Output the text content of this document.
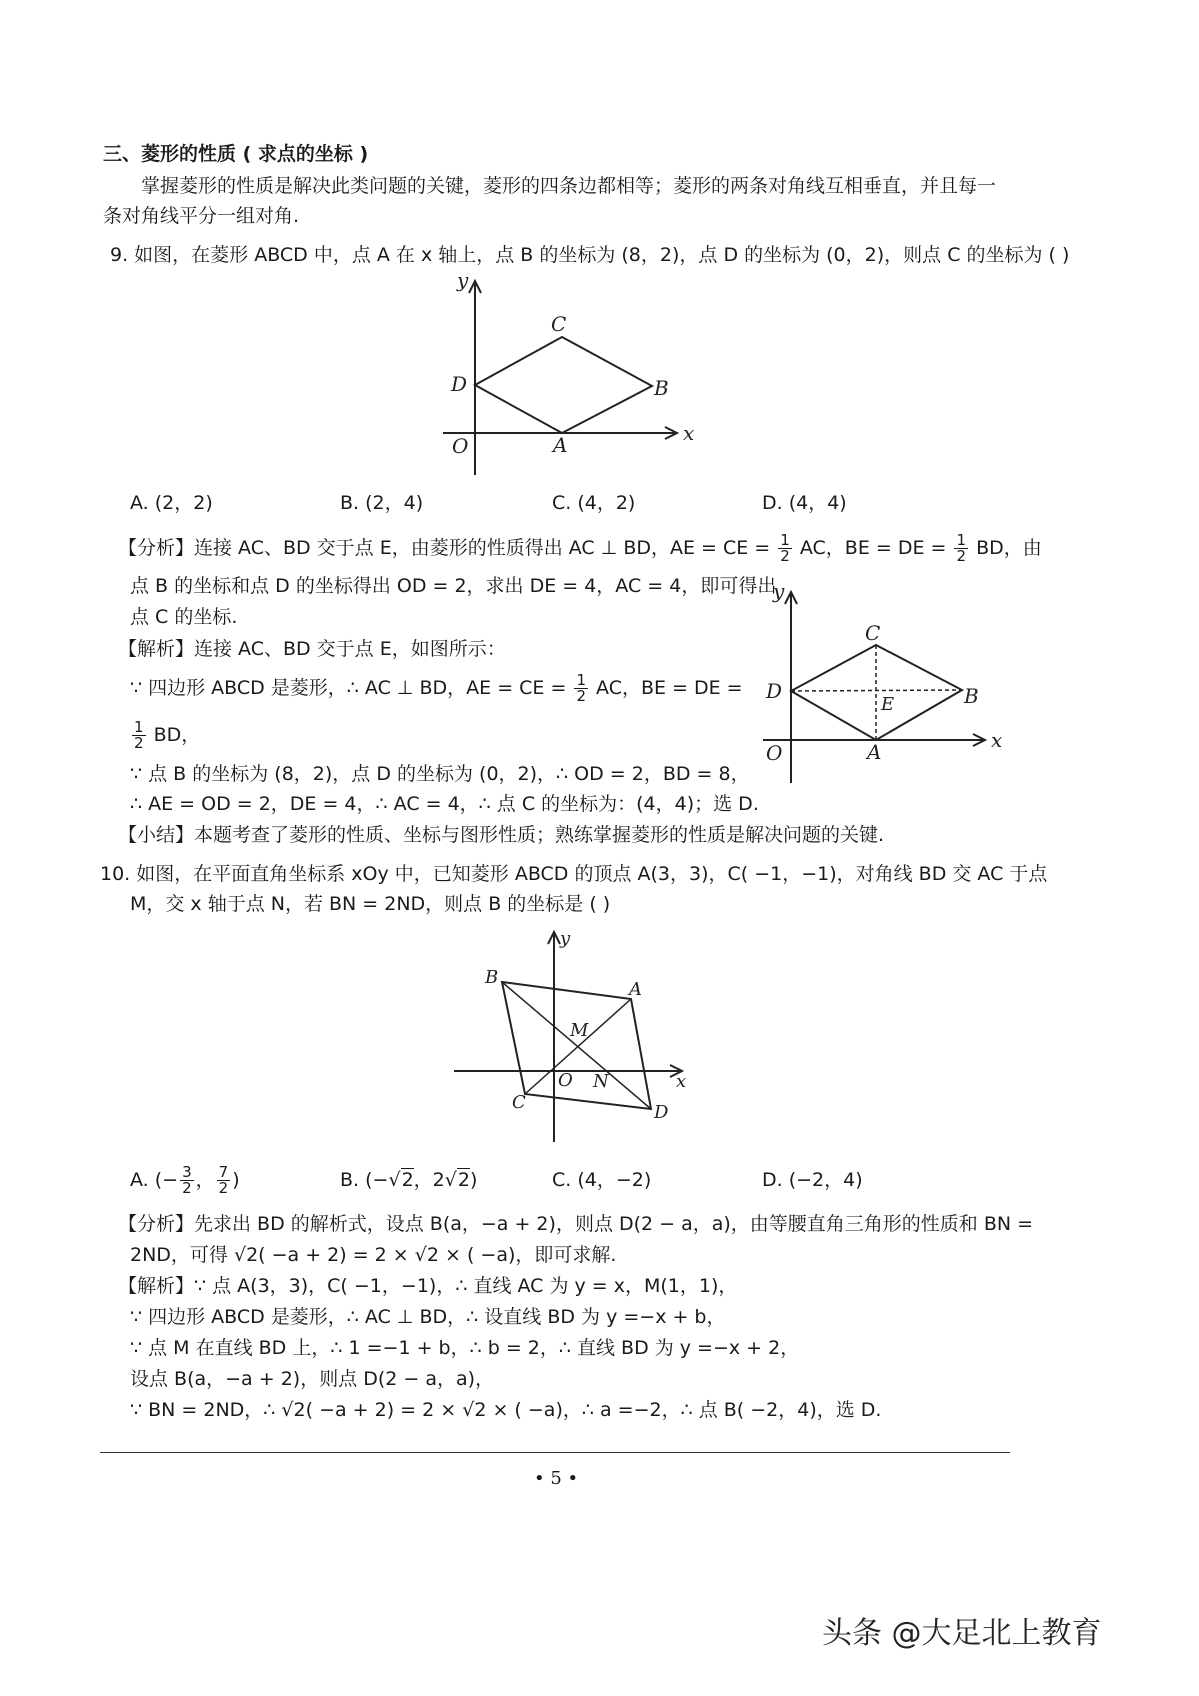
三、菱形的性质 ( 求点的坐标 )
掌握菱形的性质是解决此类问题的关键，菱形的四条边都相等；菱形的两条对角线互相垂直，并且每一
条对角线平分一组对角.
9. 如图，在菱形 ABCD 中，点 A 在 x 轴上，点 B 的坐标为 (8，2)，点 D 的坐标为 (0，2)，则点 C 的坐标为 ( )
y
x
O	A
B
C
D
A. (2，2)	B. (2，4)	C. (4，2)	D. (4，4)
【分析】连接 AC、BD 交于点 E，由菱形的性质得出 AC ⊥ BD，AE = CE = $\frac{1}{2}$ AC，BE = DE = $\frac{1}{2}$ BD，由
点 B 的坐标和点 D 的坐标得出 OD = 2，求出 DE = 4，AC = 4，即可得出
点 C 的坐标.
y
x
O	A
B
C
D
E
【解析】连接 AC、BD 交于点 E，如图所示：
∵ 四边形 ABCD 是菱形，∴ AC ⊥ BD，AE = CE = $\frac{1}{2}$ AC，BE = DE =
$\frac{1}{2}$ BD，
∵ 点 B 的坐标为 (8，2)，点 D 的坐标为 (0，2)，∴ OD = 2，BD = 8，
∴ AE = OD = 2，DE = 4，∴ AC = 4，∴ 点 C 的坐标为：(4，4)；选 D.
【小结】本题考查了菱形的性质、坐标与图形性质；熟练掌握菱形的性质是解决问题的关键.
10. 如图，在平面直角坐标系 xOy 中，已知菱形 ABCD 的顶点 A(3，3)，C( −1，−1)，对角线 BD 交 AC 于点
M，交 x 轴于点 N，若 BN = 2ND，则点 B 的坐标是 ( )
y
x
O
A
B
C	D
M
N
A. (− $\frac{3}{2}$ ， $\frac{7}{2}$ )	B. (−√2，2√2)	C. (4，−2)	D. (−2，4)
【分析】先求出 BD 的解析式，设点 B(a，−a + 2)，则点 D(2 − a，a)，由等腰直角三角形的性质和 BN =
2ND，可得 √2( −a + 2) = 2 × √2 × ( −a)，即可求解.
【解析】∵ 点 A(3，3)，C( −1，−1)，∴ 直线 AC 为 y = x，M(1，1)，
∵ 四边形 ABCD 是菱形，∴ AC ⊥ BD，∴ 设直线 BD 为 y =−x + b，
∵ 点 M 在直线 BD 上，∴ 1 =−1 + b，∴ b = 2，∴ 直线 BD 为 y =−x + 2，
设点 B(a，−a + 2)，则点 D(2 − a，a)，
∵ BN = 2ND，∴ √2( −a + 2) = 2 × √2 × ( −a)，∴ a =−2，∴ 点 B( −2，4)，选 D.
• 5 •
头条 @大足北上教育
